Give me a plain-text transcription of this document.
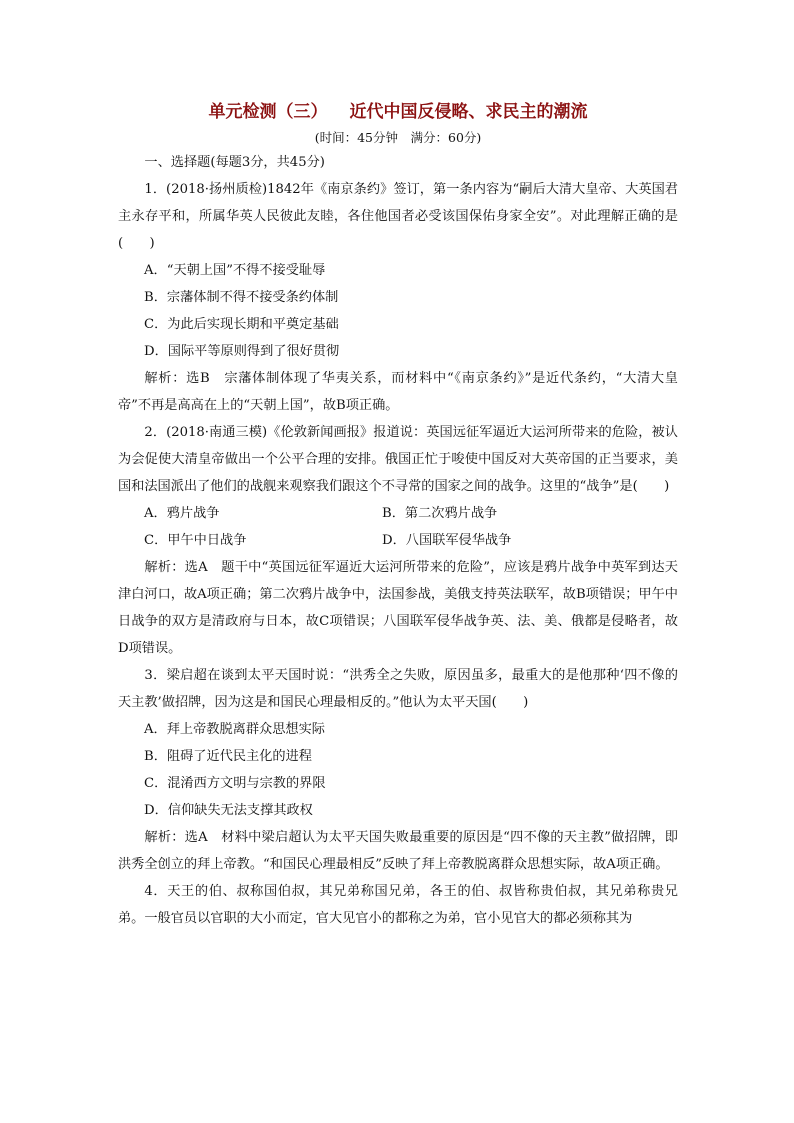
单元检测（三） 近代中国反侵略、求民主的潮流

(时间：45分钟　满分：60分)

一、选择题(每题3分，共45分)

1．(2018·扬州质检)1842年《南京条约》签订，第一条内容为“嗣后大清大皇帝、大英国君主永存平和，所属华英人民彼此友睦，各住他国者必受该国保佑身家全安”。对此理解正确的是(　　)

A．“天朝上国”不得不接受耻辱

B．宗藩体制不得不接受条约体制

C．为此后实现长期和平奠定基础

D．国际平等原则得到了很好贯彻

解析：选B　宗藩体制体现了华夷关系，而材料中“《南京条约》”是近代条约，“大清大皇帝”不再是高高在上的“天朝上国”，故B项正确。

2．(2018·南通三模)《伦敦新闻画报》报道说：英国远征军逼近大运河所带来的危险，被认为会促使大清皇帝做出一个公平合理的安排。俄国正忙于唆使中国反对大英帝国的正当要求，美国和法国派出了他们的战舰来观察我们跟这个不寻常的国家之间的战争。这里的“战争”是(　　)

A．鸦片战争	B．第二次鸦片战争
C．甲午中日战争	D．八国联军侵华战争

解析：选A　题干中“英国远征军逼近大运河所带来的危险”，应该是鸦片战争中英军到达天津白河口，故A项正确；第二次鸦片战争中，法国参战，美俄支持英法联军，故B项错误；甲午中日战争的双方是清政府与日本，故C项错误；八国联军侵华战争英、法、美、俄都是侵略者，故D项错误。

3．梁启超在谈到太平天国时说：“洪秀全之失败，原因虽多，最重大的是他那种‘四不像的天主教’做招牌，因为这是和国民心理最相反的。”他认为太平天国(　　)

A．拜上帝教脱离群众思想实际

B．阻碍了近代民主化的进程

C．混淆西方文明与宗教的界限

D．信仰缺失无法支撑其政权

解析：选A　材料中梁启超认为太平天国失败最重要的原因是“四不像的天主教”做招牌，即洪秀全创立的拜上帝教。“和国民心理最相反”反映了拜上帝教脱离群众思想实际，故A项正确。

4．天王的伯、叔称国伯叔，其兄弟称国兄弟，各王的伯、叔皆称贵伯叔，其兄弟称贵兄弟。一般官员以官职的大小而定，官大见官小的都称之为弟，官小见官大的都必须称其为
